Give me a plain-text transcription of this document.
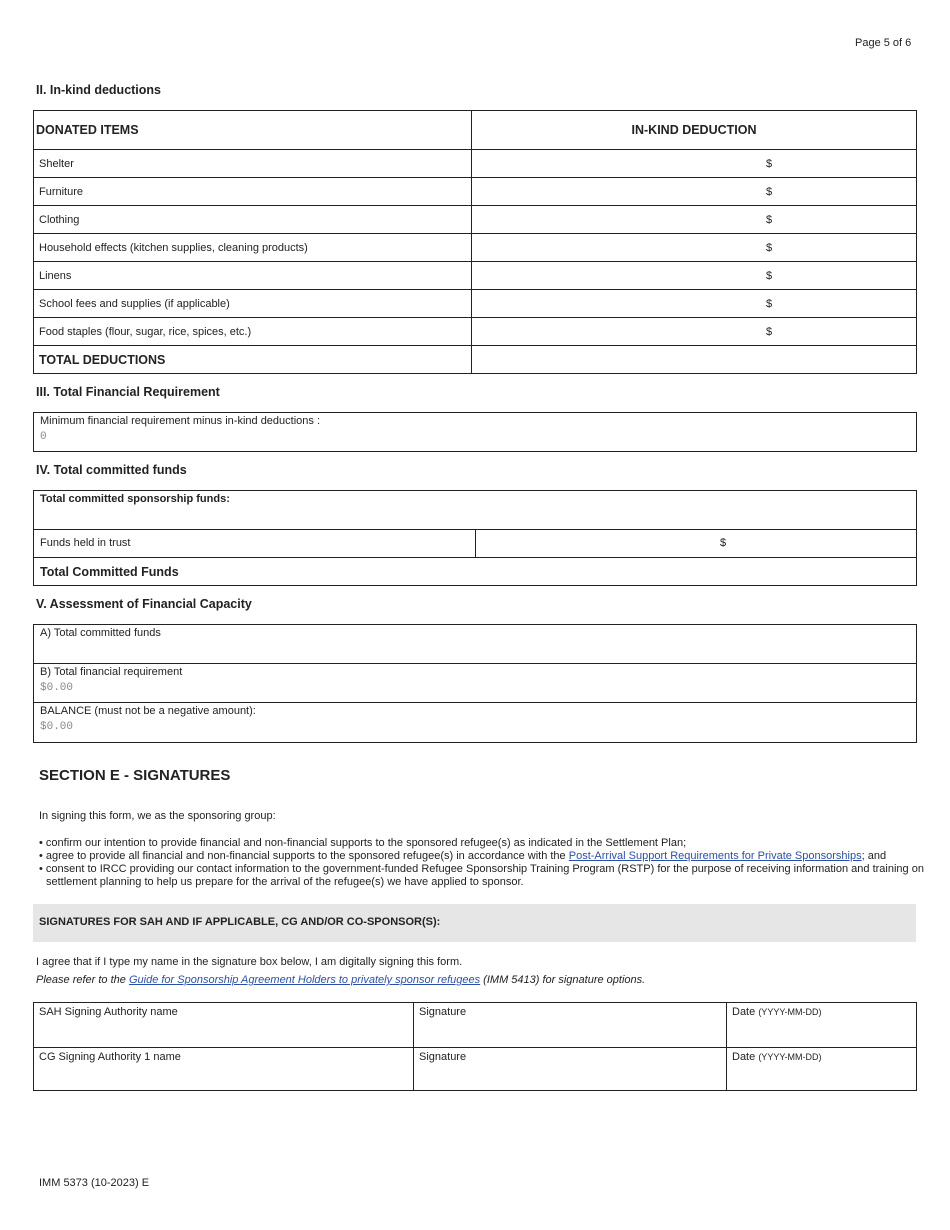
Page 5 of 6
II. In-kind deductions
DONATED ITEMS	IN-KIND DEDUCTION
Shelter	$
Furniture	$
Clothing	$
Household effects (kitchen supplies, cleaning products)	$
Linens	$
School fees and supplies (if applicable)	$
Food staples (flour, sugar, rice, spices, etc.)	$
TOTAL DEDUCTIONS	
III. Total Financial Requirement
Minimum financial requirement minus in-kind deductions :
0
IV. Total committed funds
Total committed sponsorship funds:
Funds held in trust	$
Total Committed Funds
V. Assessment of Financial Capacity
A) Total committed funds
B) Total financial requirement
$0.00
BALANCE (must not be a negative amount):
$0.00
SECTION E - SIGNATURES
In signing this form, we as the sponsoring group:
• confirm our intention to provide financial and non-financial supports to the sponsored refugee(s) as indicated in the Settlement Plan;
• agree to provide all financial and non-financial supports to the sponsored refugee(s) in accordance with the Post-Arrival Support Requirements for Private Sponsorships; and
• consent to IRCC providing our contact information to the government-funded Refugee Sponsorship Training Program (RSTP) for the purpose of receiving information and training on
settlement planning to help us prepare for the arrival of the refugee(s) we have applied to sponsor.
SIGNATURES FOR SAH AND IF APPLICABLE, CG AND/OR CO-SPONSOR(S):
I agree that if I type my name in the signature box below, I am digitally signing this form.
Please refer to the Guide for Sponsorship Agreement Holders to privately sponsor refugees (IMM 5413) for signature options.
SAH Signing Authority name	Signature	Date (YYYY-MM-DD)
CG Signing Authority 1 name	Signature	Date (YYYY-MM-DD)
IMM 5373 (10-2023) E
